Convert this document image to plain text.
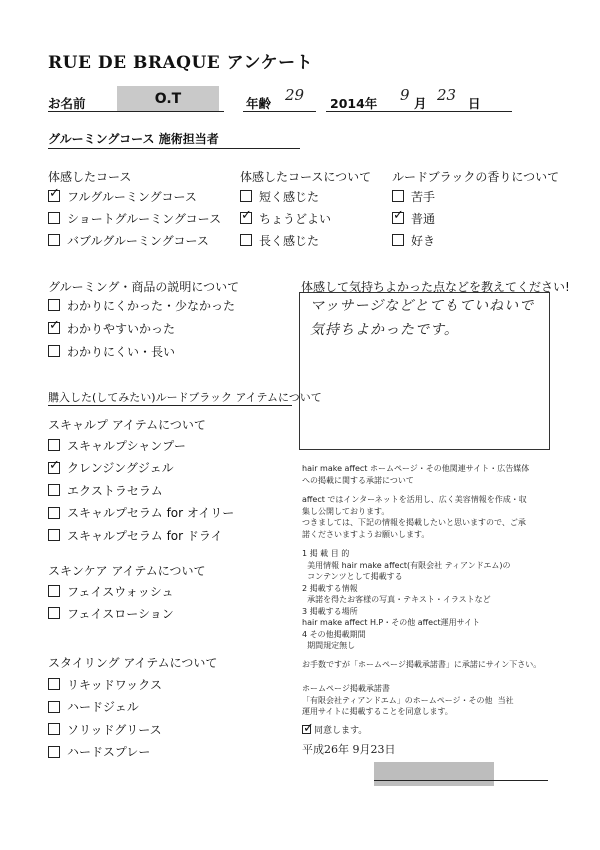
RUE DE BRAQUE アンケート
お名前	O.T	年齢 29 2014年 9 月 23 日
グルーミングコース 施術担当者
体感したコース
✓
フルグルーミングコース
ショートグルーミングコース
バブルグルーミングコース
体感したコースについて
短く感じた
✓
ちょうどよい
長く感じた
ルードブラックの香りについて
苦手
✓
普通
好き
グルーミング・商品の説明について
わかりにくかった・少なかった
✓
わかりやすいかった
わかりにくい・長い
体感して気持ちよかった点などを教えてください!
マッサージなどとてもていねいで
気持ちよかったです。
購入した(してみたい)ルードブラック アイテムについて
スキャルプ アイテムについて
スキャルプシャンプー
✓
クレンジングジェル
エクストラセラム
スキャルプセラム for オイリー
スキャルプセラム for ドライ
スキンケア アイテムについて
フェイスウォッシュ
フェイスローション
スタイリング アイテムについて
リキッドワックス
ハードジェル
ソリッドグリース
ハードスプレー
hair make affect ホームページ・その他関連サイト・広告媒体
への掲載に関する承諾について
affect ではインターネットを活用し、広く美容情報を作成・収
集し公開しております。
つきましては、下記の情報を掲載したいと思いますので、ご承
諾くださいますようお願いします。
1 掲 載 目 的
美用情報 hair make affect(有限会社 ティアンドエム)の
コンテンツとして掲載する
2 掲載する情報
承諾を得たお客様の写真・テキスト・イラストなど
3 掲載する場所
hair make affect H.P・その他 affect運用サイト
4 その他掲載期間
期間規定無し
お手数ですが「ホームページ掲載承諾書」に承諾にサイン下さい。
ホームページ掲載承諾書
「有限会社ティアンドエム」のホームページ・その他  当社
運用サイトに掲載することを同意します。
✓
同意します。
平成26年 9月23日
